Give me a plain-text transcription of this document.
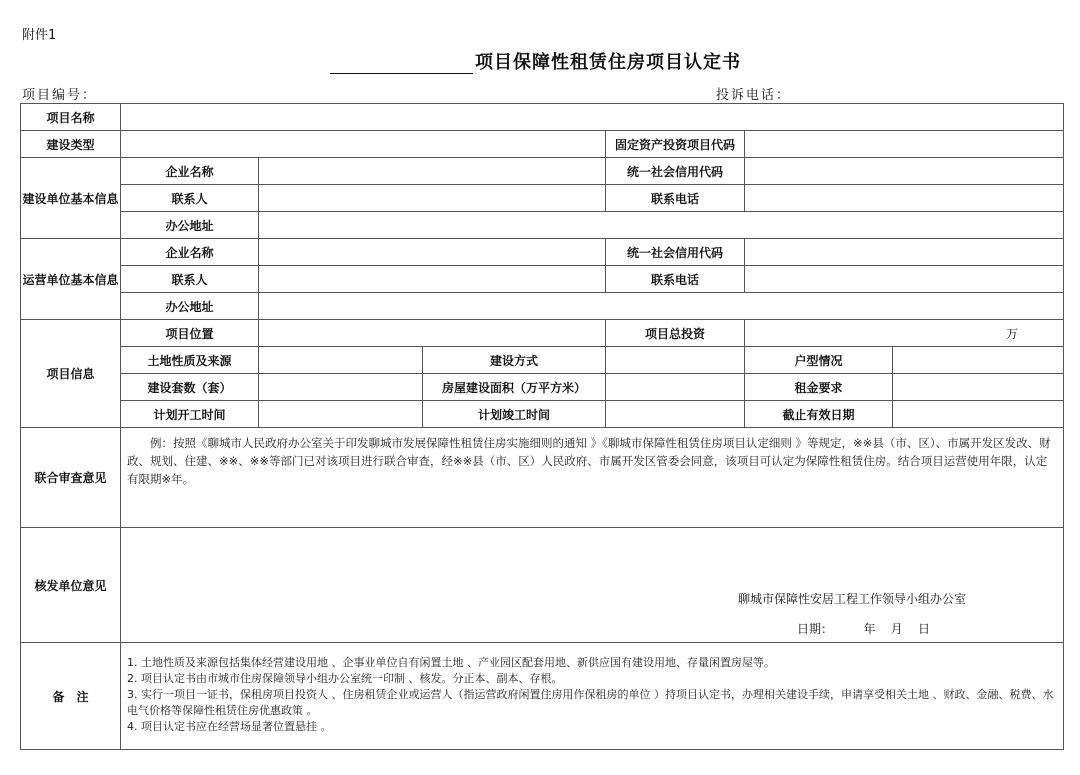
附件1
项目保障性租赁住房项目认定书
项目编号：	投诉电话：
项目名称						
建设类型				固定资产投资项目代码		
建设单位基本信息	企业名称			统一社会信用代码		
	联系人			联系电话		
	办公地址					
运营单位基本信息	企业名称			统一社会信用代码		
	联系人			联系电话		
	办公地址					
项目信息	项目位置			项目总投资	万	
	土地性质及来源		建设方式		户型情况	
	建设套数（套）		房屋建设面积（万平方米）		租金要求	
	计划开工时间		计划竣工时间		截止有效日期	
联合审查意见	例：按照《聊城市人民政府办公室关于印发聊城市发展保障性租赁住房实施细则的通知 》《聊城市保障性租赁住房项目认定细则 》等规定，※※县（市、区）、市属开发区发改、财政、规划、住建、※※、※※等部门已对该项目进行联合审查，经※※县（市、区）人民政府、市属开发区管委会同意，该项目可认定为保障性租赁住房。结合项目运营使用年限，认定有限期※年。					
核发单位意见	聊城市保障性安居工程工作领导小组办公室
日期：        年    月    日					

备　注	1. 土地性质及来源包括集体经营建设用地 、企事业单位自有闲置土地 、产业园区配套用地、新供应国有建设用地、存量闲置房屋等。
2. 项目认定书由市城市住房保障领导小组办公室统一印制 、核发。分正本、副本、存根。
3. 实行一项目一证书，保租房项目投资人 、住房租赁企业或运营人（指运营政府闲置住房用作保租房的单位 ）持项目认定书，办理相关建设手续，申请享受相关土地 、财政、金融、税费、水电气价格等保障性租赁住房优惠政策 。
4. 项目认定书应在经营场显著位置悬挂 。					
